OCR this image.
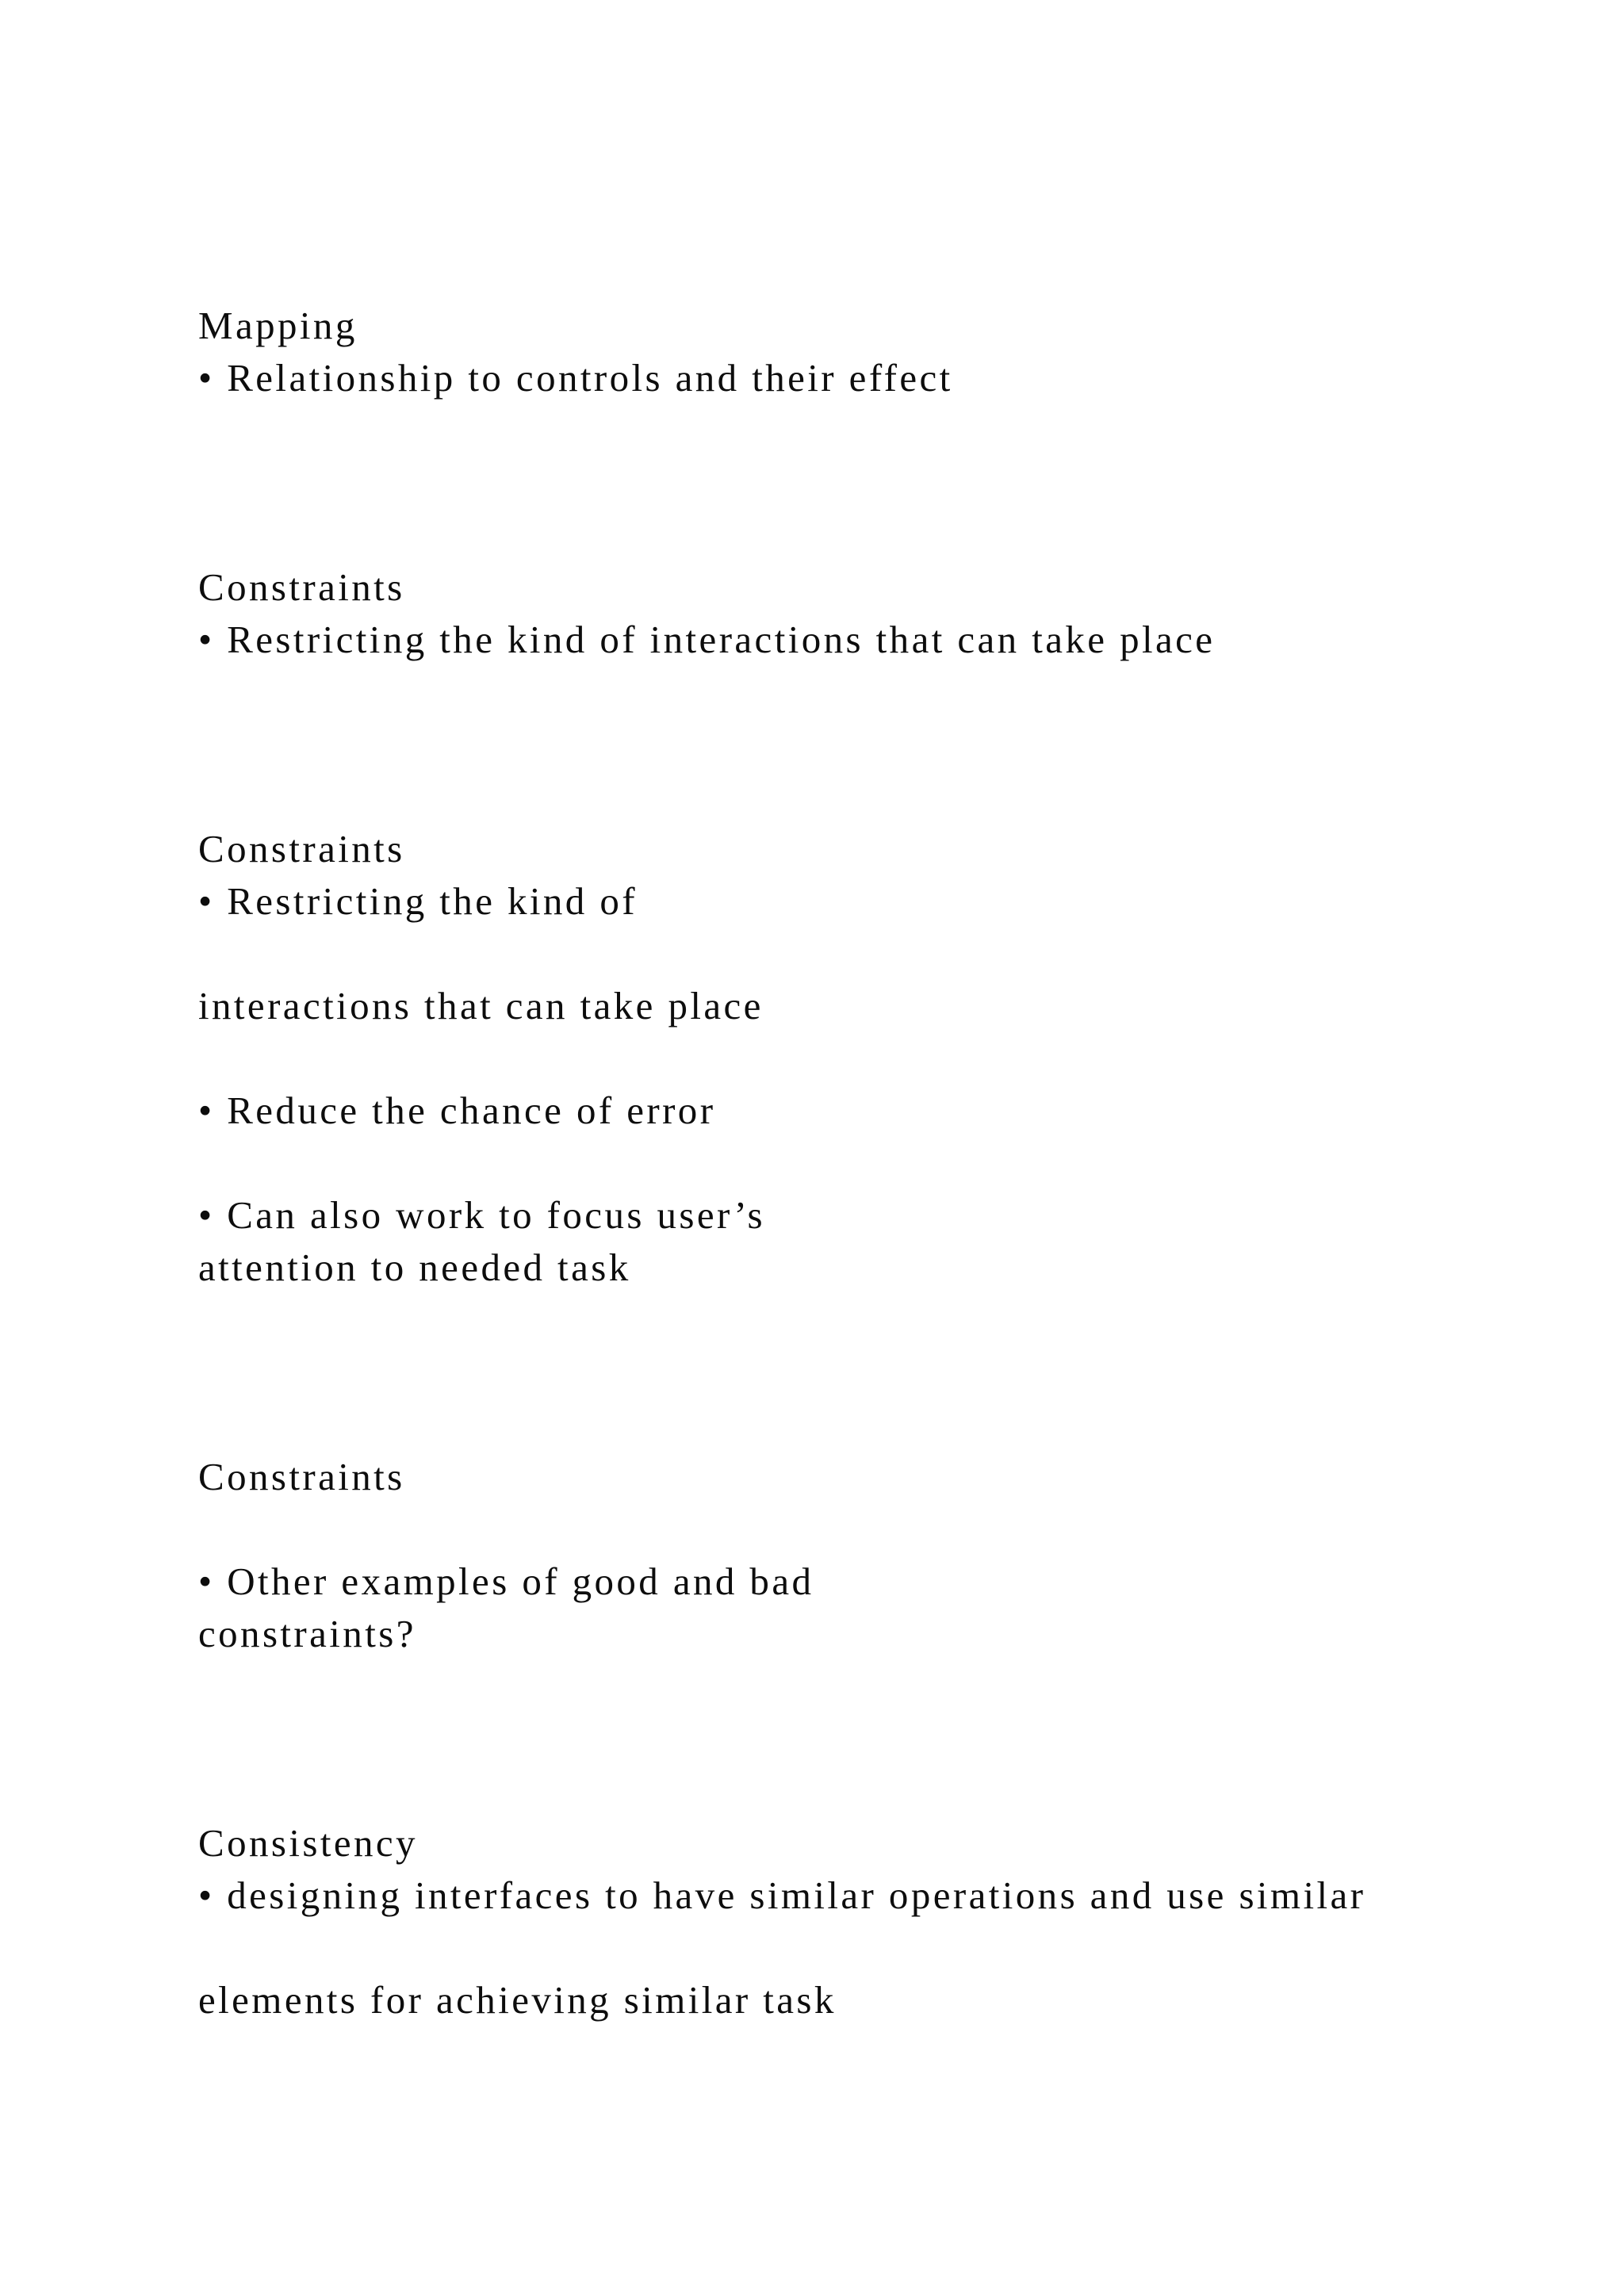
Mapping

• Relationship to controls and their effect

Constraints

• Restricting the kind of interactions that can take place

Constraints

• Restricting the kind of

interactions that can take place

• Reduce the chance of error

• Can also work to focus user’s

attention to needed task

Constraints

• Other examples of good and bad

constraints?

Consistency

• designing interfaces to have similar operations and use similar

elements for achieving similar task
